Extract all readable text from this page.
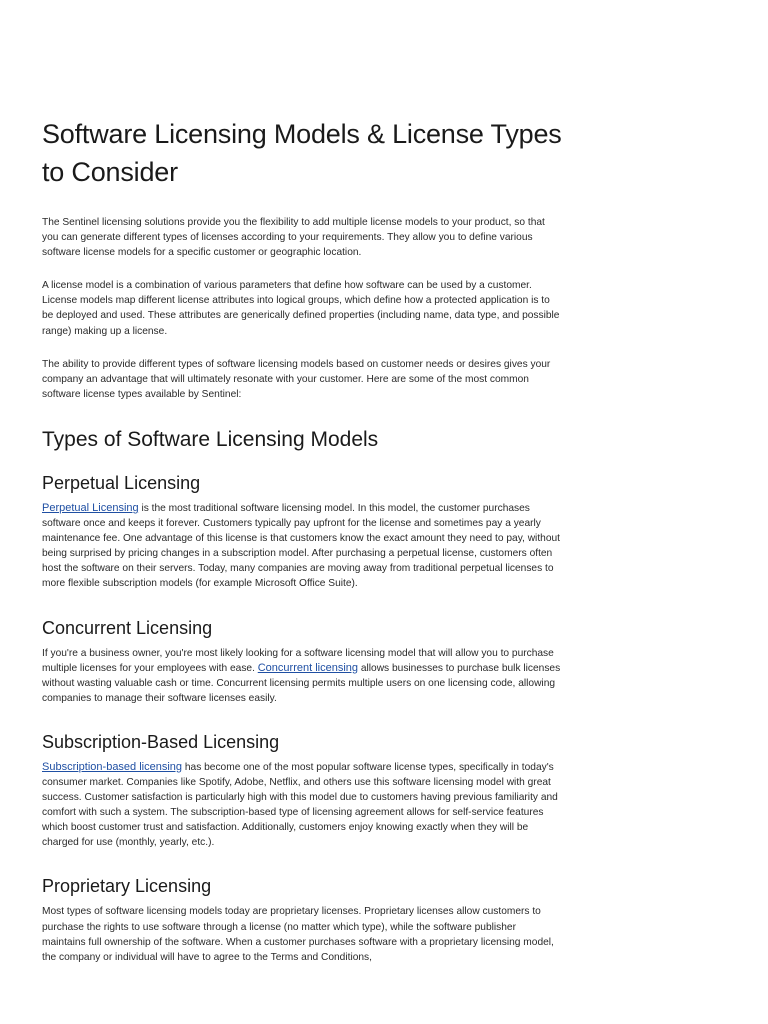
Software Licensing Models & License Types to Consider

The Sentinel licensing solutions provide you the flexibility to add multiple license models to your product, so that you can generate different types of licenses according to your requirements. They allow you to define various software license models for a specific customer or geographic location.

A license model is a combination of various parameters that define how software can be used by a customer. License models map different license attributes into logical groups, which define how a protected application is to be deployed and used. These attributes are generically defined properties (including name, data type, and possible range) making up a license.

The ability to provide different types of software licensing models based on customer needs or desires gives your company an advantage that will ultimately resonate with your customer. Here are some of the most common software license types available by Sentinel:

Types of Software Licensing Models
Perpetual Licensing

Perpetual Licensing is the most traditional software licensing model. In this model, the customer purchases software once and keeps it forever. Customers typically pay upfront for the license and sometimes pay a yearly maintenance fee. One advantage of this license is that customers know the exact amount they need to pay, without being surprised by pricing changes in a subscription model. After purchasing a perpetual license, customers often host the software on their servers. Today, many companies are moving away from traditional perpetual licenses to more flexible subscription models (for example Microsoft Office Suite).

Concurrent Licensing

If you're a business owner, you're most likely looking for a software licensing model that will allow you to purchase multiple licenses for your employees with ease. Concurrent licensing allows businesses to purchase bulk licenses without wasting valuable cash or time. Concurrent licensing permits multiple users on one licensing code, allowing companies to manage their software licenses easily.

Subscription-Based Licensing

Subscription-based licensing has become one of the most popular software license types, specifically in today's consumer market. Companies like Spotify, Adobe, Netflix, and others use this software licensing model with great success. Customer satisfaction is particularly high with this model due to customers having previous familiarity and comfort with such a system. The subscription-based type of licensing agreement allows for self-service features which boost customer trust and satisfaction. Additionally, customers enjoy knowing exactly when they will be charged for use (monthly, yearly, etc.).

Proprietary Licensing

Most types of software licensing models today are proprietary licenses. Proprietary licenses allow customers to purchase the rights to use software through a license (no matter which type), while the software publisher maintains full ownership of the software. When a customer purchases software with a proprietary licensing model, the company or individual will have to agree to the Terms and Conditions,
